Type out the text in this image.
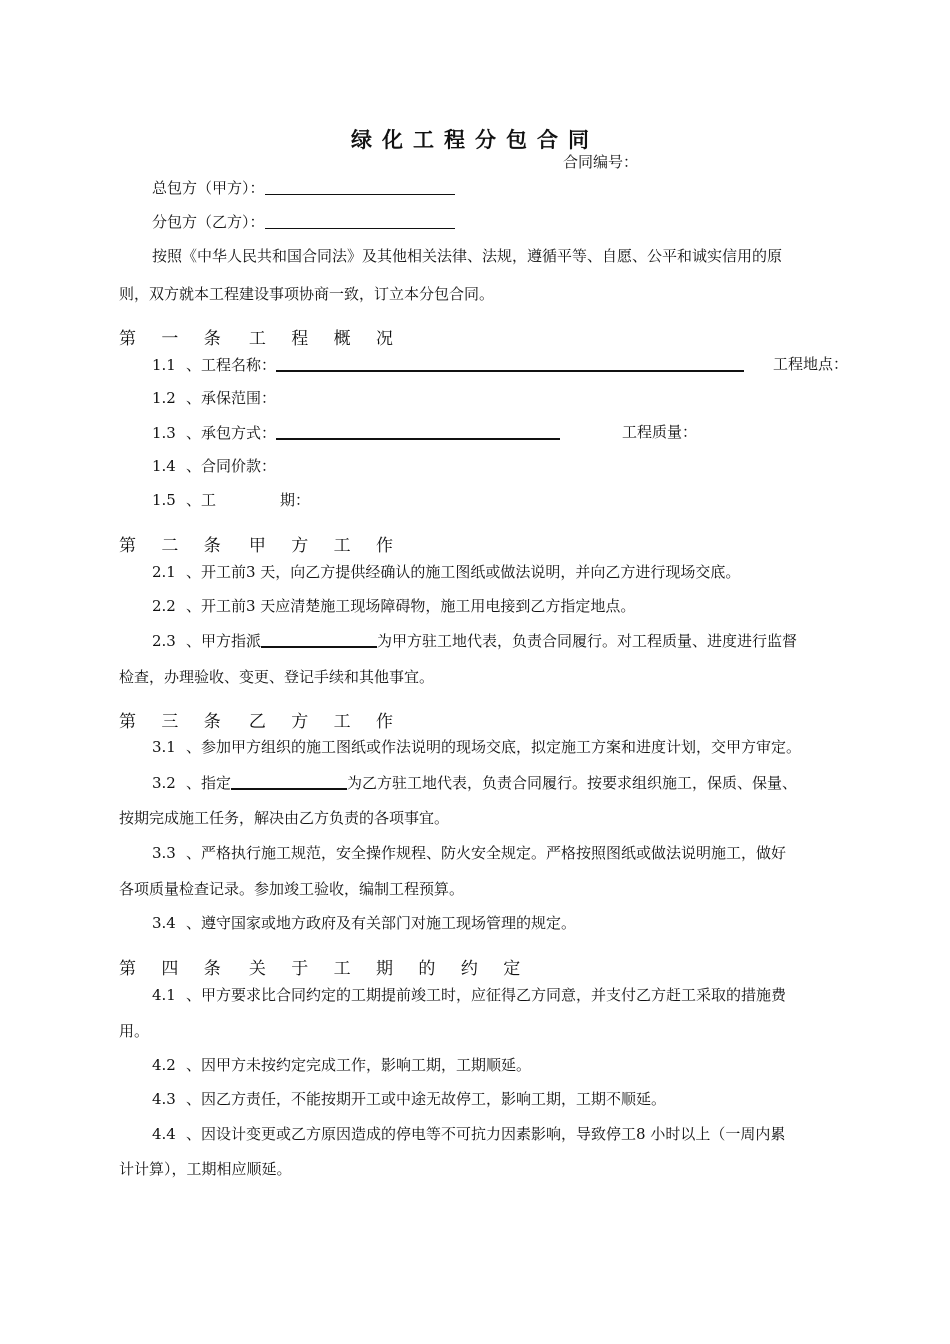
绿化工程分包合同
合同编号：
总包方（甲方）：
分包方（乙方）：
按照《中华人民共和国合同法》及其他相关法律、法规，遵循平等、自愿、公平和诚实信用的原
则，双方就本工程建设事项协商一致，订立本分包合同。
第 一 条 工 程 概 况
1.1 、工程名称：	工程地点：
1.2 、承保范围：
1.3 、承包方式：	工程质量：
1.4 、合同价款：
1.5 、工	期：
第 二 条 甲 方 工 作
2.1 、开工前3 天，向乙方提供经确认的施工图纸或做法说明，并向乙方进行现场交底。
2.2 、开工前3 天应清楚施工现场障碍物，施工用电接到乙方指定地点。
2.3 、甲方指派	为甲方驻工地代表，负责合同履行。对工程质量、进度进行监督
检查，办理验收、变更、登记手续和其他事宜。
第 三 条 乙 方 工 作
3.1 、参加甲方组织的施工图纸或作法说明的现场交底，拟定施工方案和进度计划，交甲方审定。
3.2 、指定	为乙方驻工地代表，负责合同履行。按要求组织施工，保质、保量、
按期完成施工任务，解决由乙方负责的各项事宜。
3.3 、严格执行施工规范，安全操作规程、防火安全规定。严格按照图纸或做法说明施工，做好
各项质量检查记录。参加竣工验收，编制工程预算。
3.4 、遵守国家或地方政府及有关部门对施工现场管理的规定。
第 四 条 关 于 工 期 的 约 定
4.1 、甲方要求比合同约定的工期提前竣工时，应征得乙方同意，并支付乙方赶工采取的措施费
用。
4.2 、因甲方未按约定完成工作，影响工期，工期顺延。
4.3 、因乙方责任，不能按期开工或中途无故停工，影响工期，工期不顺延。
4.4 、因设计变更或乙方原因造成的停电等不可抗力因素影响，导致停工8 小时以上（一周内累
计计算），工期相应顺延。
